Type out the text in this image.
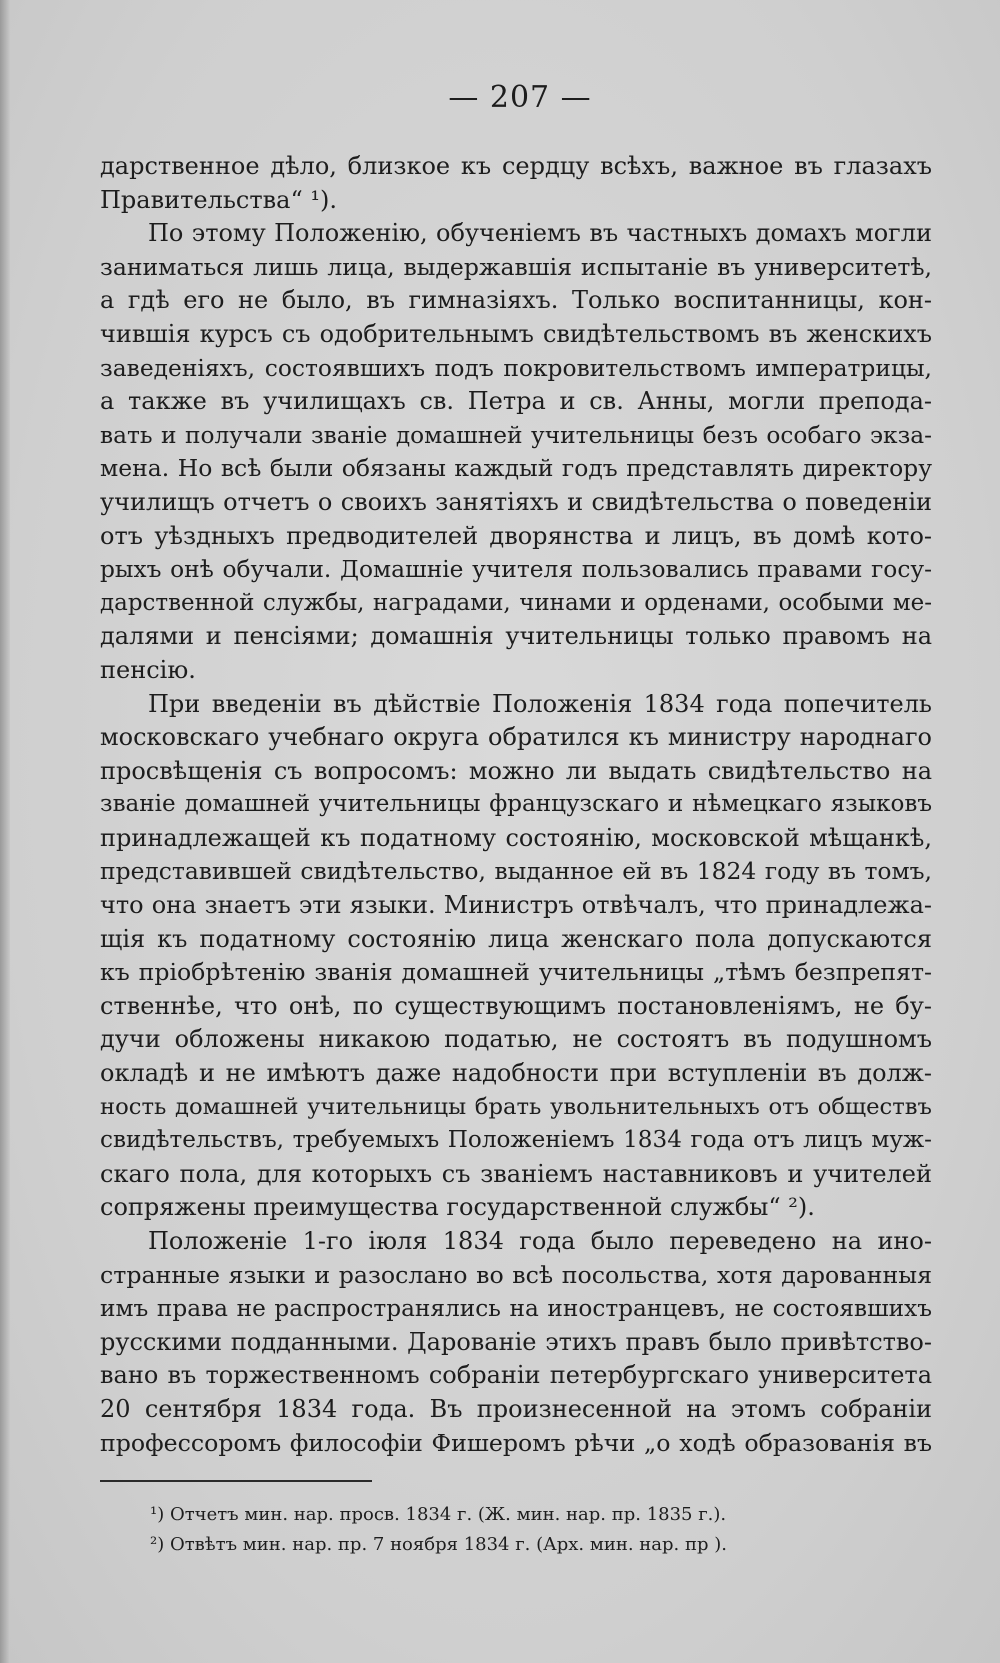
— 207 —
дарственное дѣло, близкое къ сердцу всѣхъ, важное въ глазахъ
Правительства“ ¹).
По этому Положенію, обученіемъ въ частныхъ домахъ могли
заниматься лишь лица, выдержавшія испытаніе въ университетѣ,
а гдѣ его не было, въ гимназіяхъ. Только воспитанницы, кон-
чившія курсъ съ одобрительнымъ свидѣтельствомъ въ женскихъ
заведеніяхъ, состоявшихъ подъ покровительствомъ императрицы,
а также въ училищахъ св. Петра и св. Анны, могли препода-
вать и получали званіе домашней учительницы безъ особаго экза-
мена. Но всѣ были обязаны каждый годъ представлять директору
училищъ отчетъ о своихъ занятіяхъ и свидѣтельства о поведеніи
отъ уѣздныхъ предводителей дворянства и лицъ, въ домѣ кото-
рыхъ онѣ обучали. Домашніе учителя пользовались правами госу-
дарственной службы, наградами, чинами и орденами, особыми ме-
далями и пенсіями; домашнія учительницы только правомъ на
пенсію.
При введеніи въ дѣйствіе Положенія 1834 года попечитель
московскаго учебнаго округа обратился къ министру народнаго
просвѣщенія съ вопросомъ: можно ли выдать свидѣтельство на
званіе домашней учительницы французскаго и нѣмецкаго языковъ
принадлежащей къ податному состоянію, московской мѣщанкѣ,
представившей свидѣтельство, выданное ей въ 1824 году въ томъ,
что она знаетъ эти языки. Министръ отвѣчалъ, что принадлежа-
щія къ податному состоянію лица женскаго пола допускаются
къ пріобрѣтенію званія домашней учительницы „тѣмъ безпрепят-
ственнѣе, что онѣ, по существующимъ постановленіямъ, не бу-
дучи обложены никакою податью, не состоятъ въ подушномъ
окладѣ и не имѣютъ даже надобности при вступленіи въ долж-
ность домашней учительницы брать увольнительныхъ отъ обществъ
свидѣтельствъ, требуемыхъ Положеніемъ 1834 года отъ лицъ муж-
скаго пола, для которыхъ съ званіемъ наставниковъ и учителей
сопряжены преимущества государственной службы“ ²).
Положеніе 1-го іюля 1834 года было переведено на ино-
странные языки и разослано во всѣ посольства, хотя дарованныя
имъ права не распространялись на иностранцевъ, не состоявшихъ
русскими подданными. Дарованіе этихъ правъ было привѣтство-
вано въ торжественномъ собраніи петербургскаго университета
20 сентября 1834 года. Въ произнесенной на этомъ собраніи
профессоромъ философіи Фишеромъ рѣчи „о ходѣ образованія въ
¹) Отчетъ мин. нар. просв. 1834 г. (Ж. мин. нар. пр. 1835 г.).
²) Отвѣтъ мин. нар. пр. 7 ноября 1834 г. (Арх. мин. нар. пр ).
